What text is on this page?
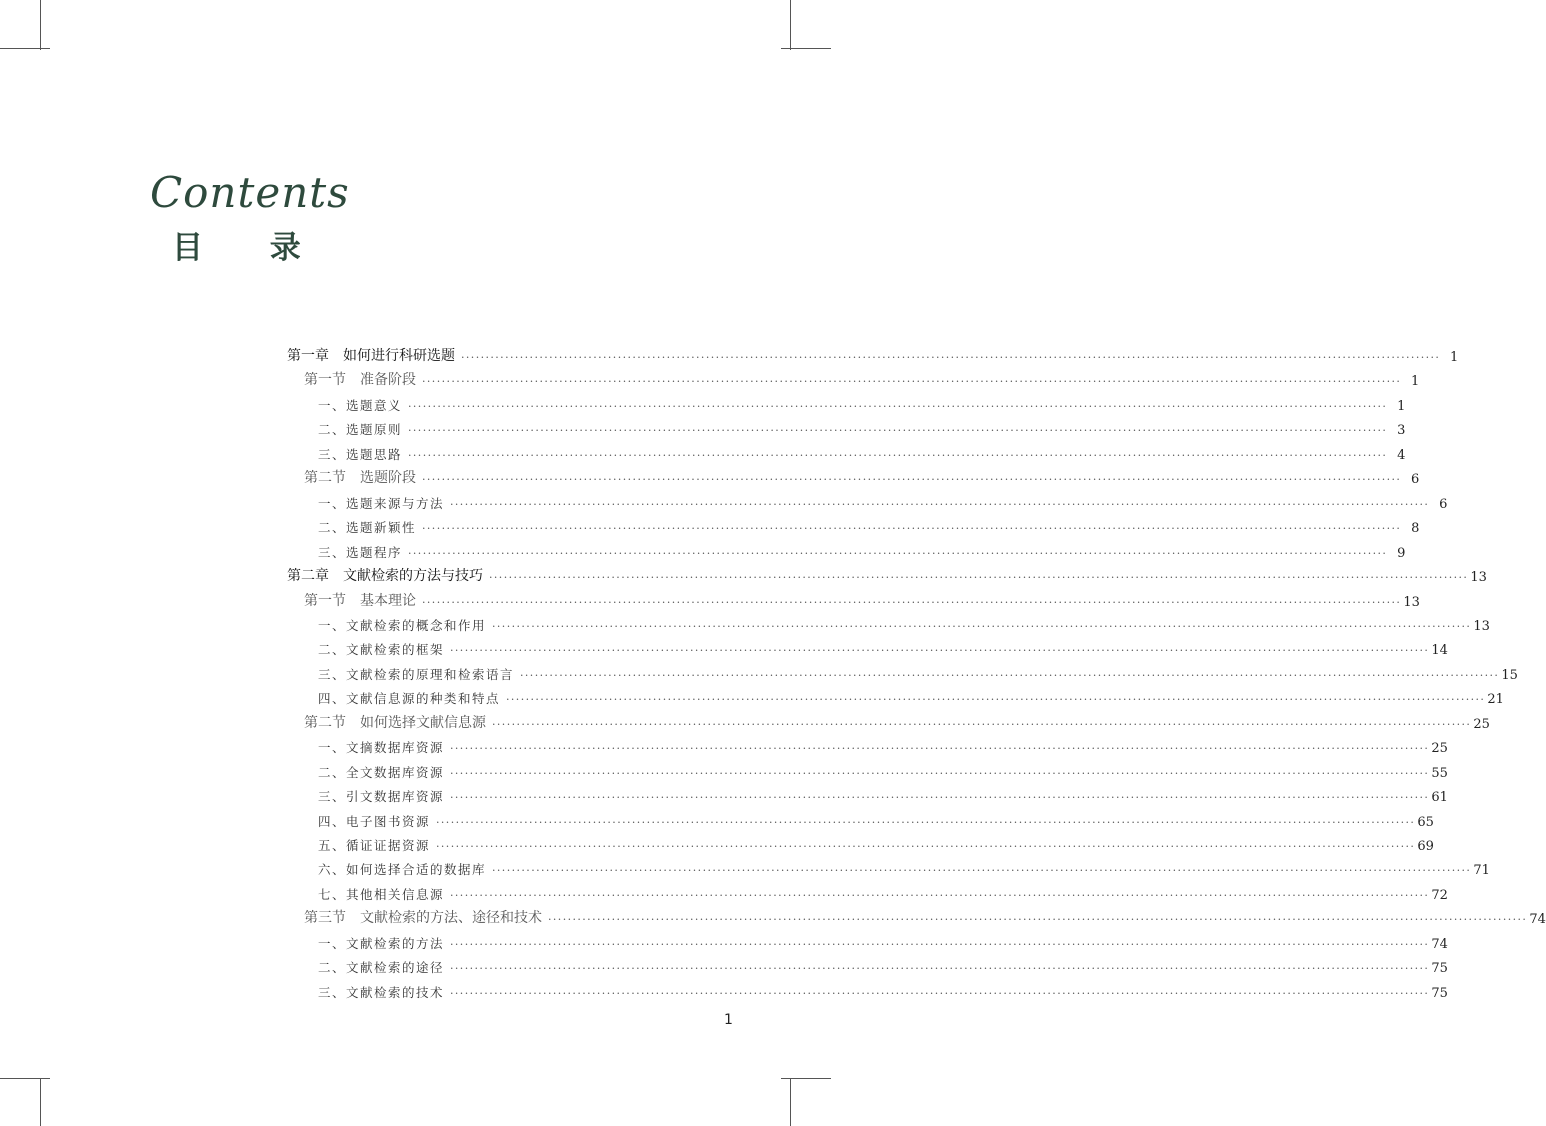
Contents
目 录
第一章　如何进行科研选题 ········································································································································································································ 1
第一节　准备阶段 ········································································································································································································ 1
一、选题意义 ········································································································································································································ 1
二、选题原则 ········································································································································································································ 3
三、选题思路 ········································································································································································································ 4
第二节　选题阶段 ········································································································································································································ 6
一、选题来源与方法 ········································································································································································································ 6
二、选题新颖性 ········································································································································································································ 8
三、选题程序 ········································································································································································································ 9
第二章　文献检索的方法与技巧 ········································································································································································································ 13
第一节　基本理论 ········································································································································································································ 13
一、文献检索的概念和作用 ········································································································································································································ 13
二、文献检索的框架 ········································································································································································································ 14
三、文献检索的原理和检索语言 ········································································································································································································ 15
四、文献信息源的种类和特点 ········································································································································································································ 21
第二节　如何选择文献信息源 ········································································································································································································ 25
一、文摘数据库资源 ········································································································································································································ 25
二、全文数据库资源 ········································································································································································································ 55
三、引文数据库资源 ········································································································································································································ 61
四、电子图书资源 ········································································································································································································ 65
五、循证证据资源 ········································································································································································································ 69
六、如何选择合适的数据库 ········································································································································································································ 71
七、其他相关信息源 ········································································································································································································ 72
第三节　文献检索的方法、途径和技术 ········································································································································································································ 74
一、文献检索的方法 ········································································································································································································ 74
二、文献检索的途径 ········································································································································································································ 75
三、文献检索的技术 ········································································································································································································ 75
1
